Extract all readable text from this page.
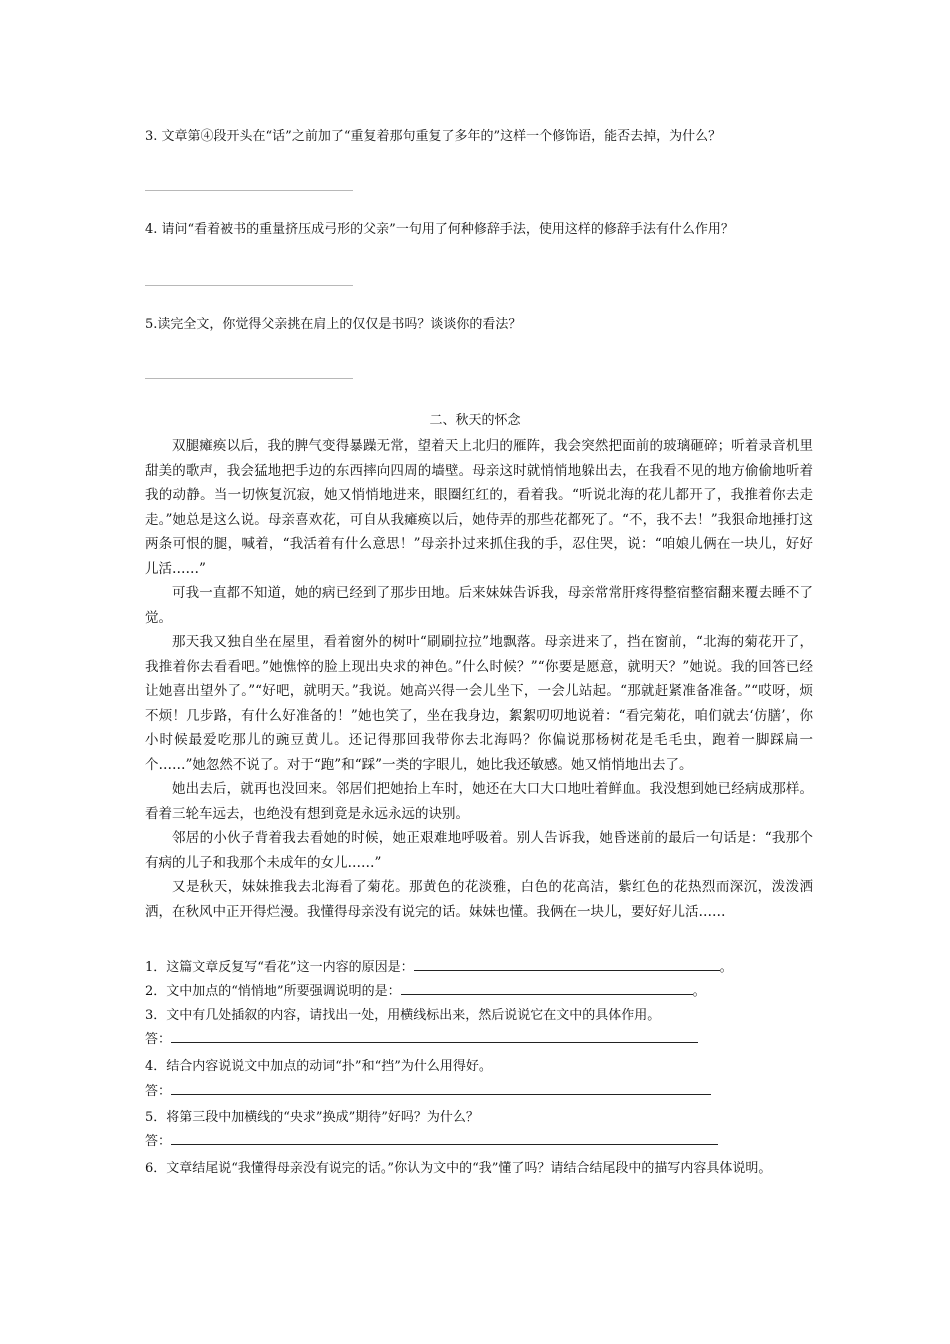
3. 文章第④段开头在“话”之前加了“重复着那句重复了多年的”这样一个修饰语，能否去掉，为什么？
4. 请问“看着被书的重量挤压成弓形的父亲”一句用了何种修辞手法，使用这样的修辞手法有什么作用？
5.读完全文，你觉得父亲挑在肩上的仅仅是书吗？谈谈你的看法？
二、秋天的怀念

双腿瘫痪以后，我的脾气变得暴躁无常，望着天上北归的雁阵，我会突然把面前的玻璃砸碎；听着录音机里甜美的歌声，我会猛地把手边的东西摔向四周的墙壁。母亲这时就悄悄地躲出去，在我看不见的地方偷偷地听着我的动静。当一切恢复沉寂，她又悄悄地进来，眼圈红红的，看着我。“听说北海的花儿都开了，我推着你去走走。”她总是这么说。母亲喜欢花，可自从我瘫痪以后，她侍弄的那些花都死了。“不，我不去！”我狠命地捶打这两条可恨的腿，喊着，“我活着有什么意思！”母亲扑过来抓住我的手，忍住哭，说：“咱娘儿俩在一块儿，好好儿活……”

可我一直都不知道，她的病已经到了那步田地。后来妹妹告诉我，母亲常常肝疼得整宿整宿翻来覆去睡不了觉。

那天我又独自坐在屋里，看着窗外的树叶“刷刷拉拉”地飘落。母亲进来了，挡在窗前，“北海的菊花开了，我推着你去看看吧。”她憔悴的脸上现出央求的神色。”什么时候？”“你要是愿意，就明天？”她说。我的回答已经让她喜出望外了。”“好吧，就明天。”我说。她高兴得一会儿坐下，一会儿站起。“那就赶紧准备准备。”“哎呀，烦不烦！几步路，有什么好准备的！”她也笑了，坐在我身边，絮絮叨叨地说着：“看完菊花，咱们就去‘仿膳’，你小时候最爱吃那儿的豌豆黄儿。还记得那回我带你去北海吗？你偏说那杨树花是毛毛虫，跑着一脚踩扁一个……”她忽然不说了。对于“跑”和“踩”一类的字眼儿，她比我还敏感。她又悄悄地出去了。

她出去后，就再也没回来。邻居们把她抬上车时，她还在大口大口地吐着鲜血。我没想到她已经病成那样。看着三轮车远去，也绝没有想到竟是永远永远的诀别。

邻居的小伙子背着我去看她的时候，她正艰难地呼吸着。别人告诉我，她昏迷前的最后一句话是：“我那个有病的儿子和我那个未成年的女儿……”

又是秋天，妹妹推我去北海看了菊花。那黄色的花淡雅，白色的花高洁，紫红色的花热烈而深沉，泼泼洒洒，在秋风中正开得烂漫。我懂得母亲没有说完的话。妹妹也懂。我俩在一块儿，要好好儿活……

1．这篇文章反复写“看花”这一内容的原因是：	。
2．文中加点的“悄悄地”所要强调说明的是：	。
3．文中有几处插叙的内容，请找出一处，用横线标出来，然后说说它在文中的具体作用。
答：
4．结合内容说说文中加点的动词“扑”和“挡”为什么用得好。
答：
5．将第三段中加横线的“央求”换成”期待”好吗？为什么？
答：
6．文章结尾说“我懂得母亲没有说完的话。”你认为文中的“我”懂了吗？请结合结尾段中的描写内容具体说明。
